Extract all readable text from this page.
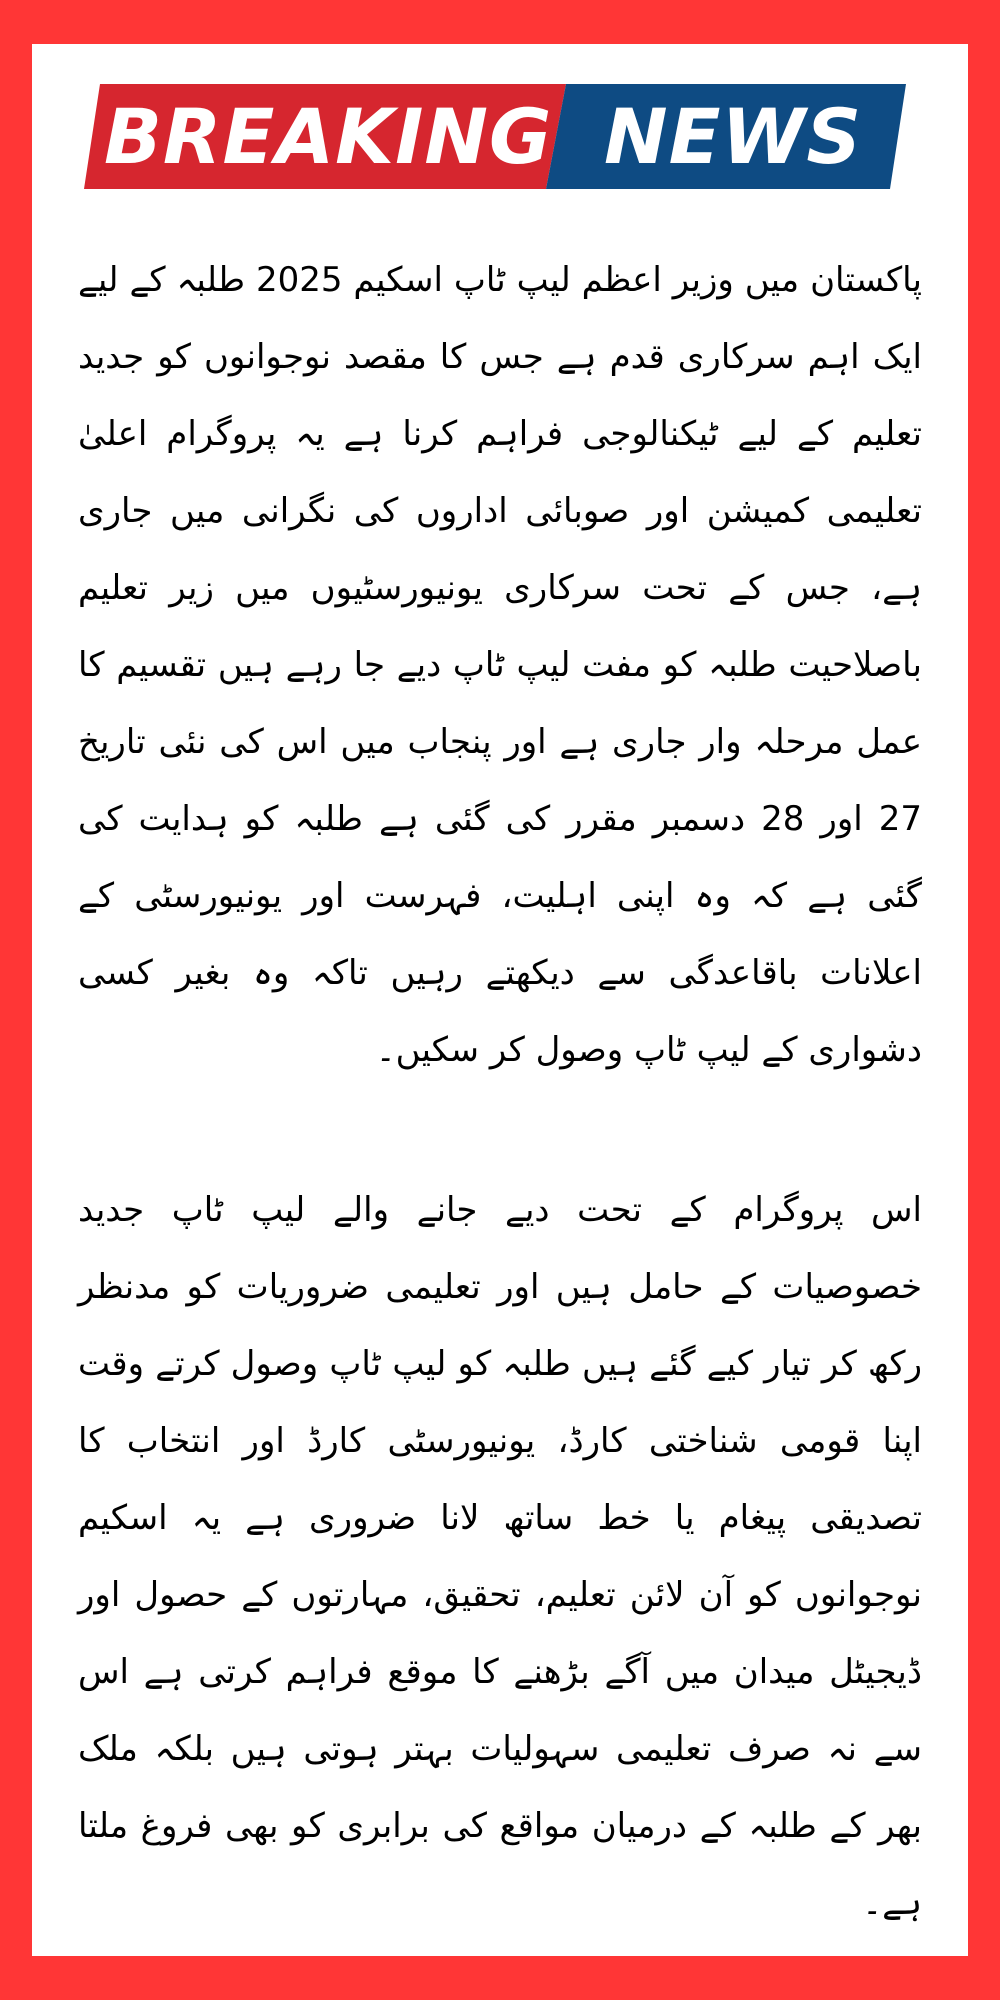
BREAKING NEWS

پاکستان میں وزیر اعظم لیپ ٹاپ اسکیم 2025 طلبہ کے لیے ایک اہم سرکاری قدم ہے جس کا مقصد نوجوانوں کو جدید تعلیم کے لیے ٹیکنالوجی فراہم کرنا ہے یہ پروگرام اعلیٰ تعلیمی کمیشن اور صوبائی اداروں کی نگرانی میں جاری ہے، جس کے تحت سرکاری یونیورسٹیوں میں زیر تعلیم باصلاحیت طلبہ کو مفت لیپ ٹاپ دیے جا رہے ہیں تقسیم کا عمل مرحلہ وار جاری ہے اور پنجاب میں اس کی نئی تاریخ 27 اور 28 دسمبر مقرر کی گئی ہے طلبہ کو ہدایت کی گئی ہے کہ وہ اپنی اہلیت، فہرست اور یونیورسٹی کے اعلانات باقاعدگی سے دیکھتے رہیں تاکہ وہ بغیر کسی دشواری کے لیپ ٹاپ وصول کر سکیں۔

اس پروگرام کے تحت دیے جانے والے لیپ ٹاپ جدید خصوصیات کے حامل ہیں اور تعلیمی ضروریات کو مدنظر رکھ کر تیار کیے گئے ہیں طلبہ کو لیپ ٹاپ وصول کرتے وقت اپنا قومی شناختی کارڈ، یونیورسٹی کارڈ اور انتخاب کا تصدیقی پیغام یا خط ساتھ لانا ضروری ہے یہ اسکیم نوجوانوں کو آن لائن تعلیم، تحقیق، مہارتوں کے حصول اور ڈیجیٹل میدان میں آگے بڑھنے کا موقع فراہم کرتی ہے اس سے نہ صرف تعلیمی سہولیات بہتر ہوتی ہیں بلکہ ملک بھر کے طلبہ کے درمیان مواقع کی برابری کو بھی فروغ ملتا ہے۔
